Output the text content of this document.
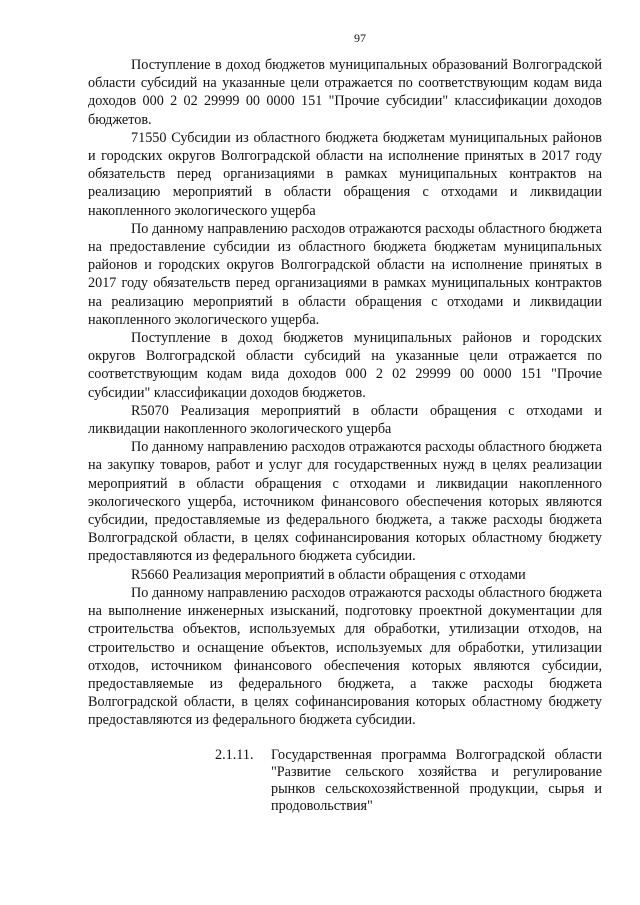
97

Поступление в доход бюджетов муниципальных образований Волгоградской области субсидий на указанные цели отражается по соответствующим кодам вида доходов 000 2 02 29999 00 0000 151 "Прочие субсидии" классификации доходов бюджетов.

71550 Субсидии из областного бюджета бюджетам муниципальных районов и городских округов Волгоградской области на исполнение принятых в 2017 году обязательств перед организациями в рамках муниципальных контрактов на реализацию мероприятий в области обращения с отходами и ликвидации накопленного экологического ущерба

По данному направлению расходов отражаются расходы областного бюджета на предоставление субсидии из областного бюджета бюджетам муниципальных районов и городских округов Волгоградской области на исполнение принятых в 2017 году обязательств перед организациями в рамках муниципальных контрактов на реализацию мероприятий в области обращения с отходами и ликвидации накопленного экологического ущерба.

Поступление в доход бюджетов муниципальных районов и городских округов Волгоградской области субсидий на указанные цели отражается по соответствующим кодам вида доходов 000 2 02 29999 00 0000 151 "Прочие субсидии" классификации доходов бюджетов.

R5070 Реализация мероприятий в области обращения с отходами и ликвидации накопленного экологического ущерба

По данному направлению расходов отражаются расходы областного бюджета на закупку товаров, работ и услуг для государственных нужд в целях реализации мероприятий в области обращения с отходами и ликвидации накопленного экологического ущерба, источником финансового обеспечения которых являются субсидии, предоставляемые из федерального бюджета, а также расходы бюджета Волгоградской области, в целях софинансирования которых областному бюджету предоставляются из федерального бюджета субсидии.

R5660 Реализация мероприятий в области обращения с отходами

По данному направлению расходов отражаются расходы областного бюджета на выполнение инженерных изысканий, подготовку проектной документации для строительства объектов, используемых для обработки, утилизации отходов, на строительство и оснащение объектов, используемых для обработки, утилизации отходов, источником финансового обеспечения которых являются субсидии, предоставляемые из федерального бюджета, а также расходы бюджета Волгоградской области, в целях софинансирования которых областному бюджету предоставляются из федерального бюджета субсидии.

2.1.11.	Государственная программа Волгоградской области "Развитие сельского хозяйства и регулирование рынков сельскохозяйственной продукции, сырья и продовольствия"
